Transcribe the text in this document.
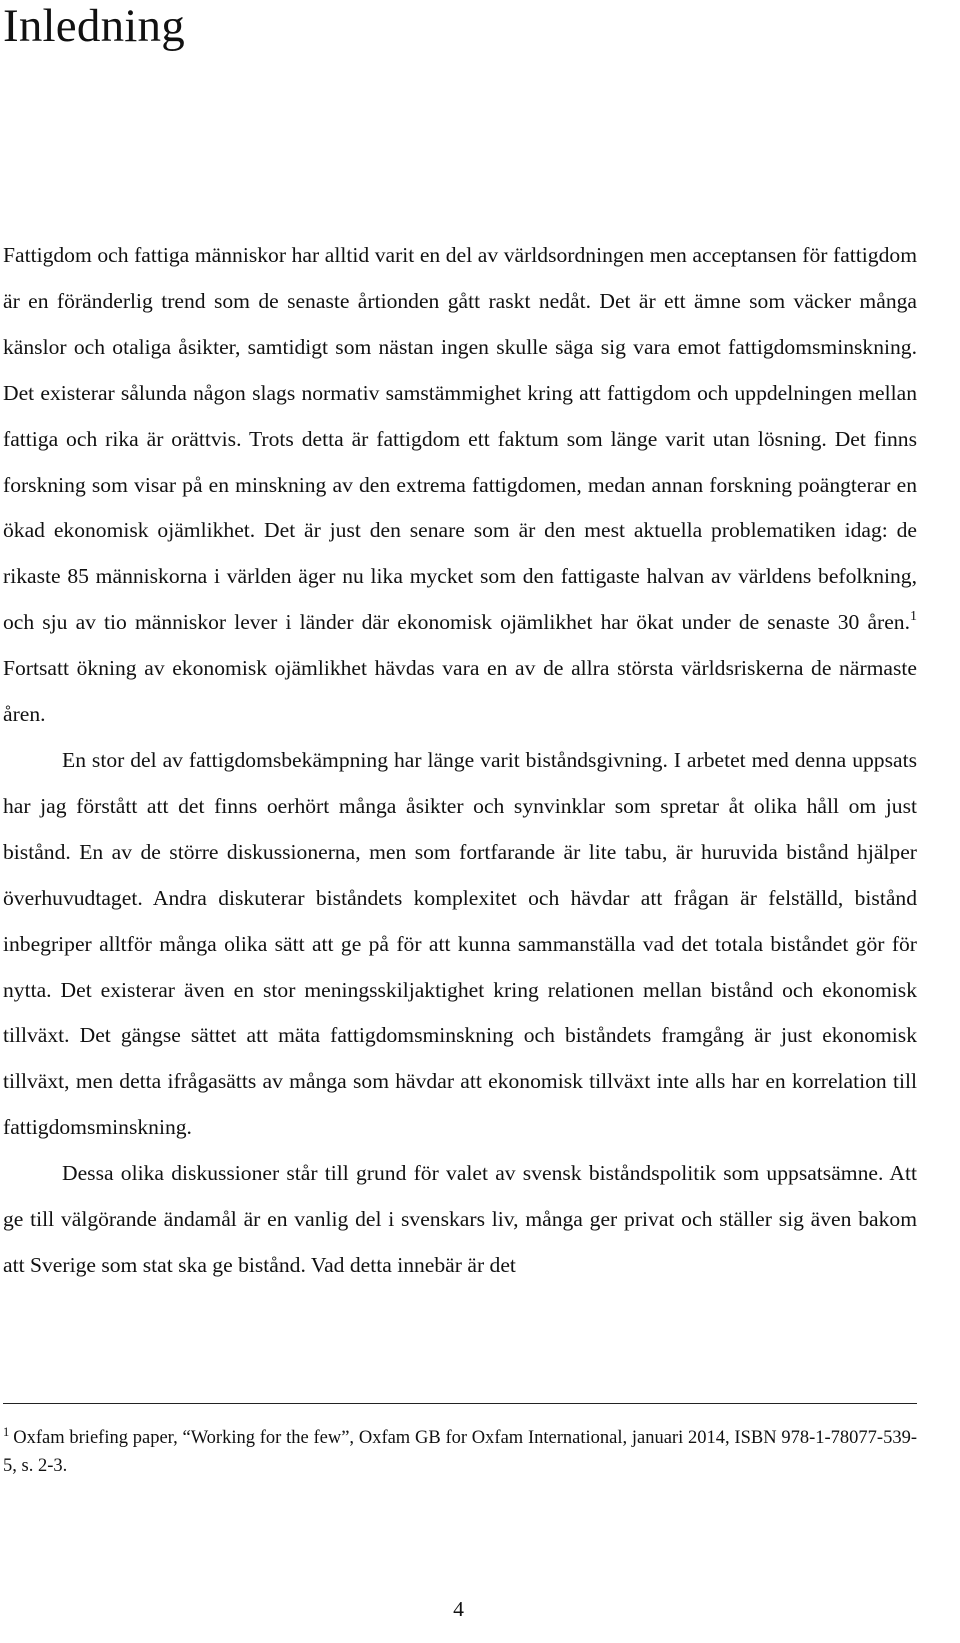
Inledning

Fattigdom och fattiga människor har alltid varit en del av världsordningen men acceptansen för fattigdom är en föränderlig trend som de senaste årtionden gått raskt nedåt. Det är ett ämne som väcker många känslor och otaliga åsikter, samtidigt som nästan ingen skulle säga sig vara emot fattigdomsminskning. Det existerar sålunda någon slags normativ samstämmighet kring att fattigdom och uppdelningen mellan fattiga och rika är orättvis. Trots detta är fattigdom ett faktum som länge varit utan lösning. Det finns forskning som visar på en minskning av den extrema fattigdomen, medan annan forskning poängterar en ökad ekonomisk ojämlikhet. Det är just den senare som är den mest aktuella problematiken idag: de rikaste 85 människorna i världen äger nu lika mycket som den fattigaste halvan av världens befolkning, och sju av tio människor lever i länder där ekonomisk ojämlikhet har ökat under de senaste 30 åren.$^1$ Fortsatt ökning av ekonomisk ojämlikhet hävdas vara en av de allra största världsriskerna de närmaste åren.

En stor del av fattigdomsbekämpning har länge varit biståndsgivning. I arbetet med denna uppsats har jag förstått att det finns oerhört många åsikter och synvinklar som spretar åt olika håll om just bistånd. En av de större diskussionerna, men som fortfarande är lite tabu, är huruvida bistånd hjälper överhuvudtaget. Andra diskuterar biståndets komplexitet och hävdar att frågan är felställd, bistånd inbegriper alltför många olika sätt att ge på för att kunna sammanställa vad det totala biståndet gör för nytta. Det existerar även en stor meningsskiljaktighet kring relationen mellan bistånd och ekonomisk tillväxt. Det gängse sättet att mäta fattigdomsminskning och biståndets framgång är just ekonomisk tillväxt, men detta ifrågasätts av många som hävdar att ekonomisk tillväxt inte alls har en korrelation till fattigdomsminskning.

Dessa olika diskussioner står till grund för valet av svensk biståndspolitik som uppsatsämne. Att ge till välgörande ändamål är en vanlig del i svenskars liv, många ger privat och ställer sig även bakom att Sverige som stat ska ge bistånd. Vad detta innebär är det

$^1$ Oxfam briefing paper, “Working for the few”, Oxfam GB for Oxfam International, januari 2014, ISBN 978-1-78077-539-5, s. 2-3.

4
